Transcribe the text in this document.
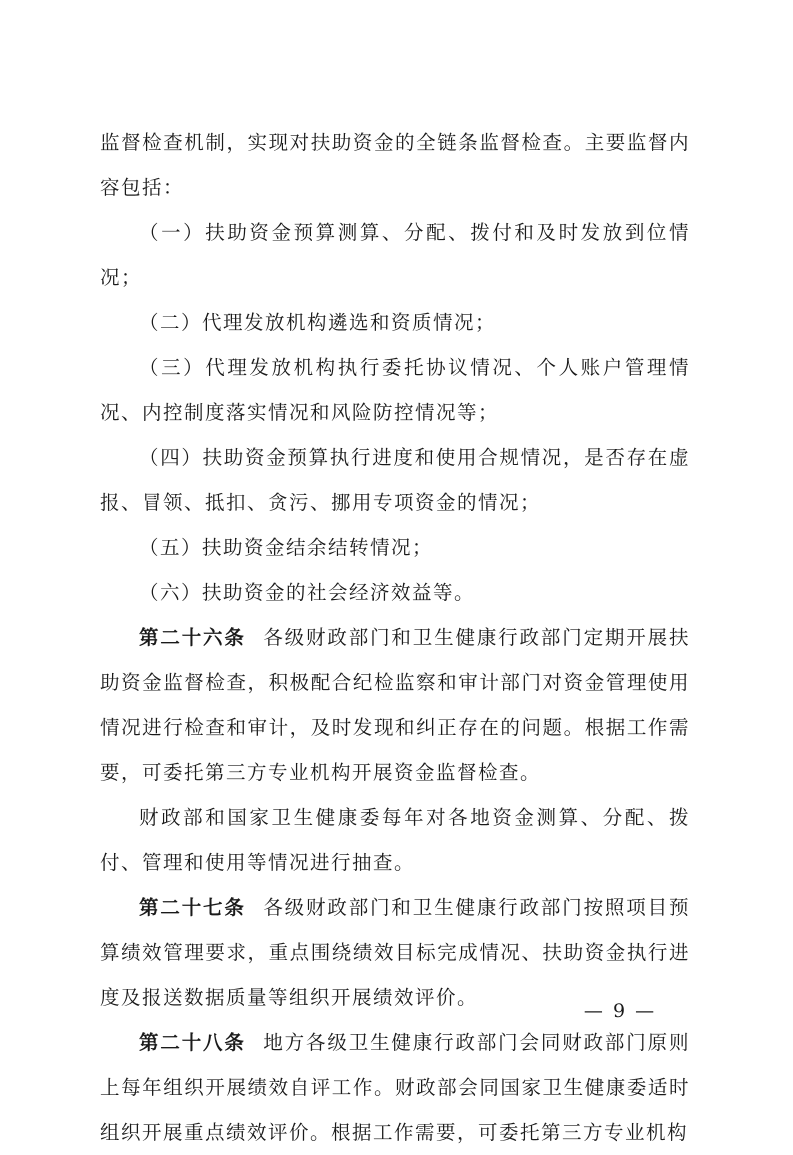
监督检查机制，实现对扶助资金的全链条监督检查。主要监督内容包括：

（一）扶助资金预算测算、分配、拨付和及时发放到位情况；

（二）代理发放机构遴选和资质情况；

（三）代理发放机构执行委托协议情况、个人账户管理情况、内控制度落实情况和风险防控情况等；

（四）扶助资金预算执行进度和使用合规情况，是否存在虚报、冒领、抵扣、贪污、挪用专项资金的情况；

（五）扶助资金结余结转情况；

（六）扶助资金的社会经济效益等。

第二十六条 各级财政部门和卫生健康行政部门定期开展扶助资金监督检查，积极配合纪检监察和审计部门对资金管理使用情况进行检查和审计，及时发现和纠正存在的问题。根据工作需要，可委托第三方专业机构开展资金监督检查。

财政部和国家卫生健康委每年对各地资金测算、分配、拨付、管理和使用等情况进行抽查。

第二十七条 各级财政部门和卫生健康行政部门按照项目预算绩效管理要求，重点围绕绩效目标完成情况、扶助资金执行进度及报送数据质量等组织开展绩效评价。

第二十八条 地方各级卫生健康行政部门会同财政部门原则上每年组织开展绩效自评工作。财政部会同国家卫生健康委适时组织开展重点绩效评价。根据工作需要，可委托第三方专业机构

— 9 —
